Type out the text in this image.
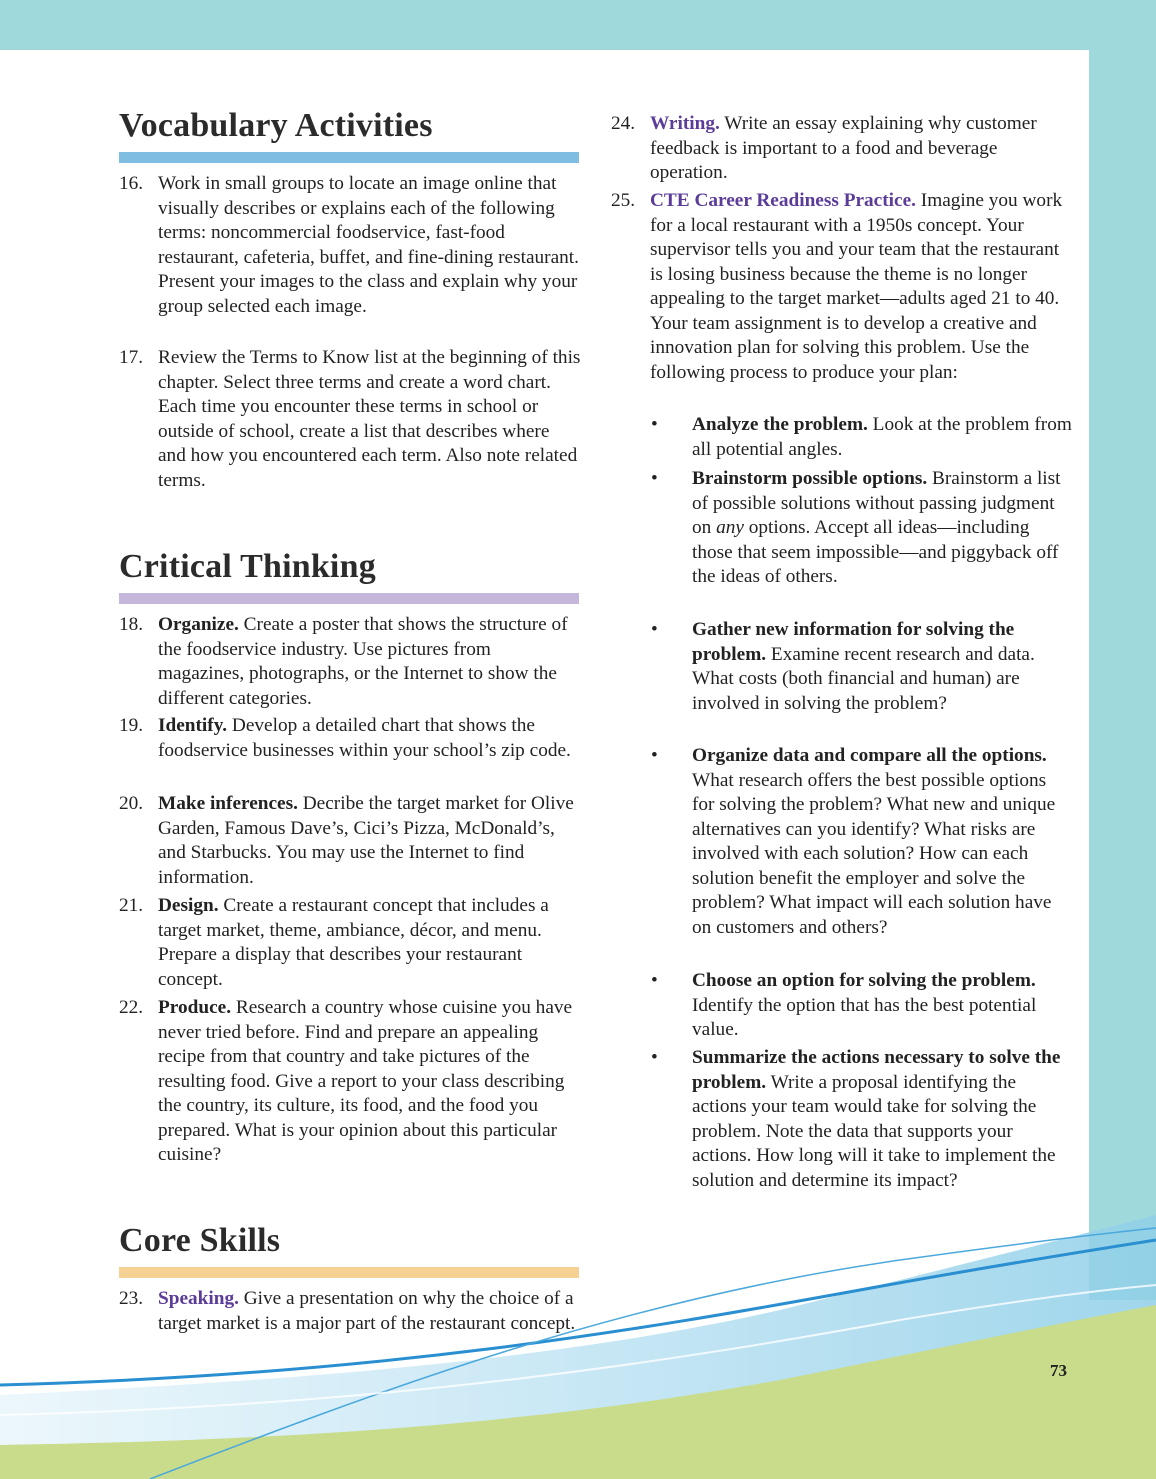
Vocabulary Activities
16. Work in small groups to locate an image online that visually describes or explains each of the following terms: noncommercial foodservice, fast-food restaurant, cafeteria, buffet, and fine-dining restaurant. Present your images to the class and explain why your group selected each image.
17. Review the Terms to Know list at the beginning of this chapter. Select three terms and create a word chart. Each time you encounter these terms in school or outside of school, create a list that describes where and how you encountered each term. Also note related terms.
Critical Thinking
18. Organize. Create a poster that shows the structure of the foodservice industry. Use pictures from magazines, photographs, or the Internet to show the different categories.
19. Identify. Develop a detailed chart that shows the foodservice businesses within your school’s zip code.
20. Make inferences. Decribe the target market for Olive Garden, Famous Dave’s, Cici’s Pizza, McDonald’s, and Starbucks. You may use the Internet to find information.
21. Design. Create a restaurant concept that includes a target market, theme, ambiance, décor, and menu. Prepare a display that describes your restaurant concept.
22. Produce. Research a country whose cuisine you have never tried before. Find and prepare an appealing recipe from that country and take pictures of the resulting food. Give a report to your class describing the country, its culture, its food, and the food you prepared. What is your opinion about this particular cuisine?
Core Skills
23. Speaking. Give a presentation on why the choice of a target market is a major part of the restaurant concept.
24. Writing. Write an essay explaining why customer feedback is important to a food and beverage operation.
25. CTE Career Readiness Practice. Imagine you work for a local restaurant with a 1950s concept. Your supervisor tells you and your team that the restaurant is losing business because the theme is no longer appealing to the target market—adults aged 21 to 40. Your team assignment is to develop a creative and innovation plan for solving this problem. Use the following process to produce your plan:
• Analyze the problem. Look at the problem from all potential angles.
• Brainstorm possible options. Brainstorm a list of possible solutions without passing judgment on any options. Accept all ideas—including those that seem impossible—and piggyback off the ideas of others.
• Gather new information for solving the problem. Examine recent research and data. What costs (both financial and human) are involved in solving the problem?
• Organize data and compare all the options. What research offers the best possible options for solving the problem? What new and unique alternatives can you identify? What risks are involved with each solution? How can each solution benefit the employer and solve the problem? What impact will each solution have on customers and others?
• Choose an option for solving the problem. Identify the option that has the best potential value.
• Summarize the actions necessary to solve the problem. Write a proposal identifying the actions your team would take for solving the problem. Note the data that supports your actions. How long will it take to implement the solution and determine its impact?
73
